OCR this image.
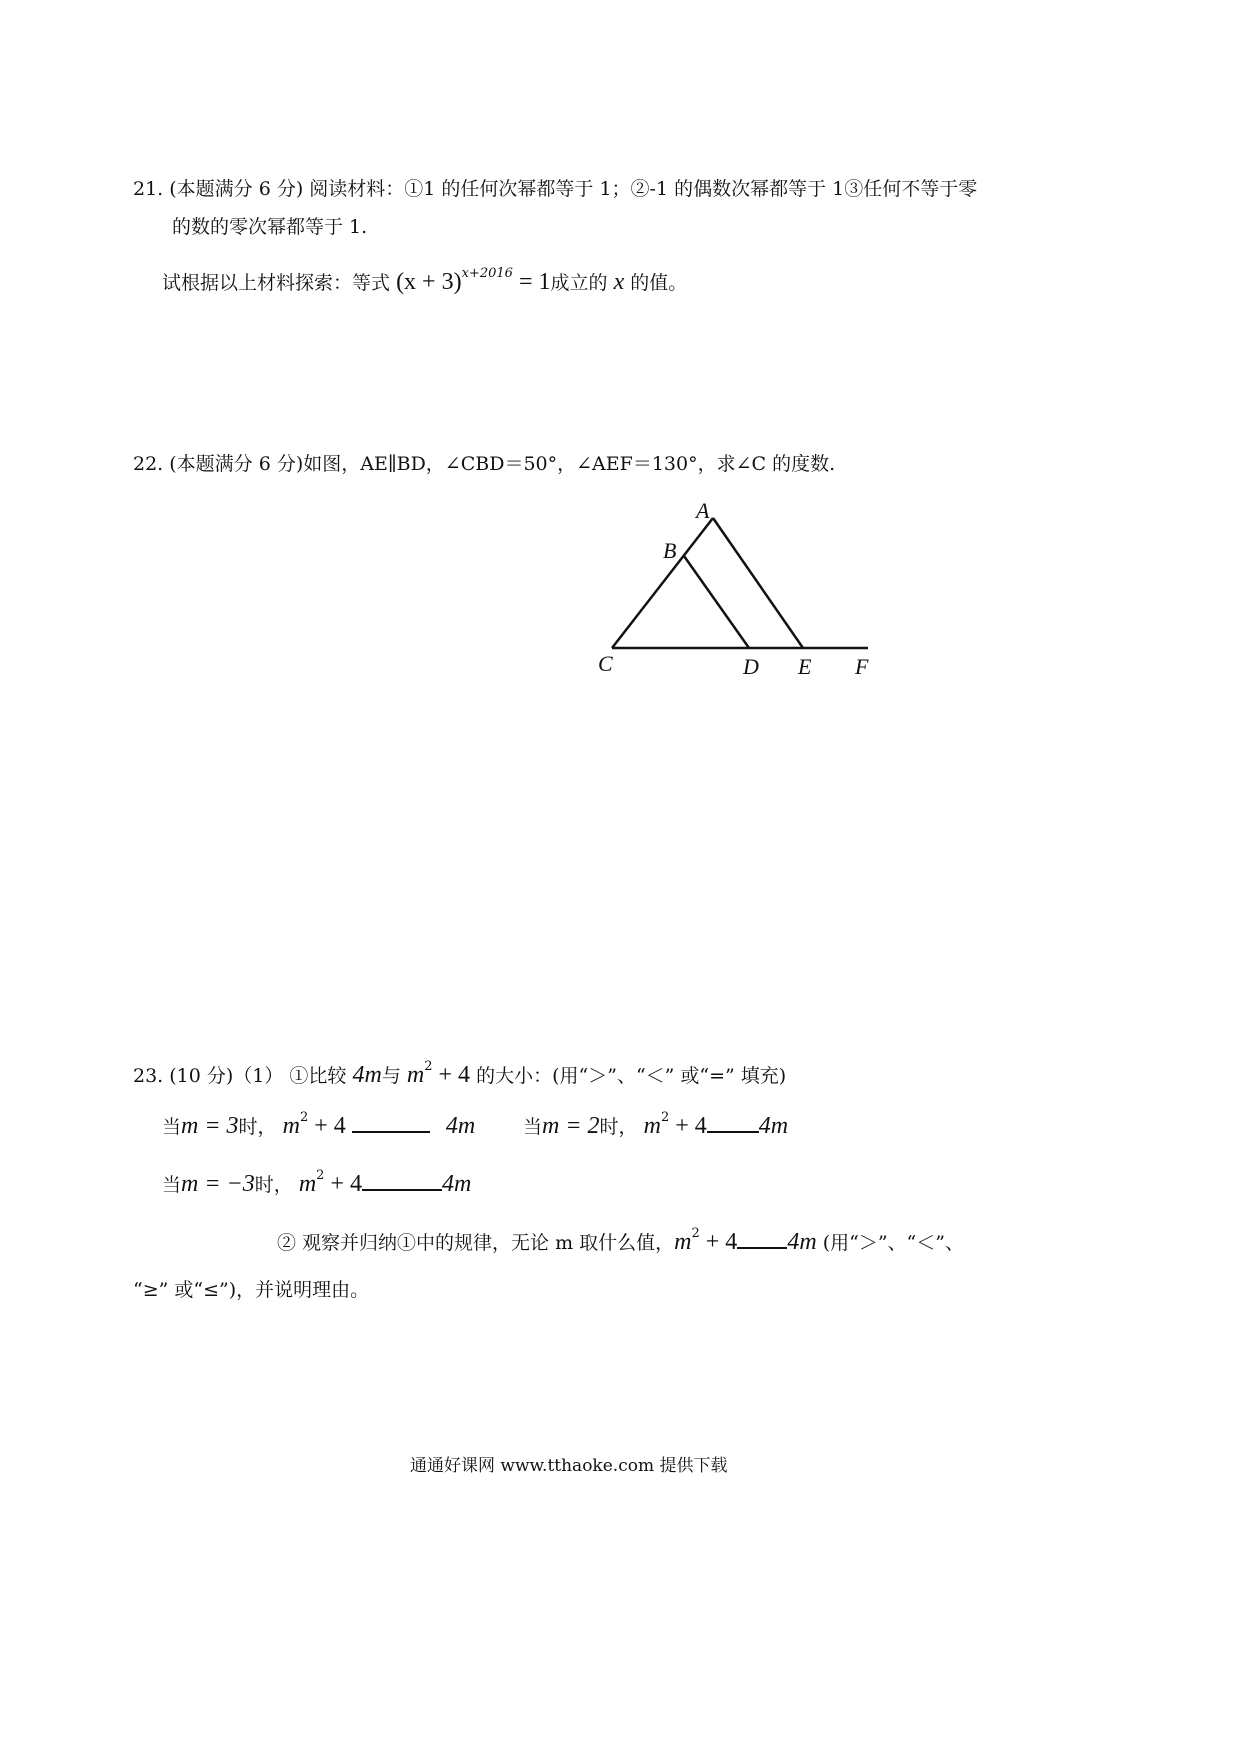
21. (本题满分 6 分) 阅读材料：①1 的任何次幂都等于 1；②-1 的偶数次幂都等于 1③任何不等于零
的数的零次幂都等于 1.
试根据以上材料探索：等式 $(x + 3)^{x+2016} = 1$成立的 x 的值。
22. (本题满分 6 分)如图，AE∥BD，∠CBD＝50°，∠AEF＝130°，求∠C 的度数.
A
B
C	D E F
23. (10 分)（1） ①比较 4m与 $m^2 + 4$ 的大小：(用“＞”、“＜” 或“=” 填充)
当m = 3时， $m^2 + 4$	4m	当m = 2时， $m^2 + 4$ 4m
当m = −3时， $m^2 + 4$	4m
② 观察并归纳①中的规律，无论 m 取什么值，$m^2 + 4$ 4m (用“＞”、“＜”、
“≥” 或“≤”)，并说明理由。
通通好课网 www.tthaoke.com 提供下载
